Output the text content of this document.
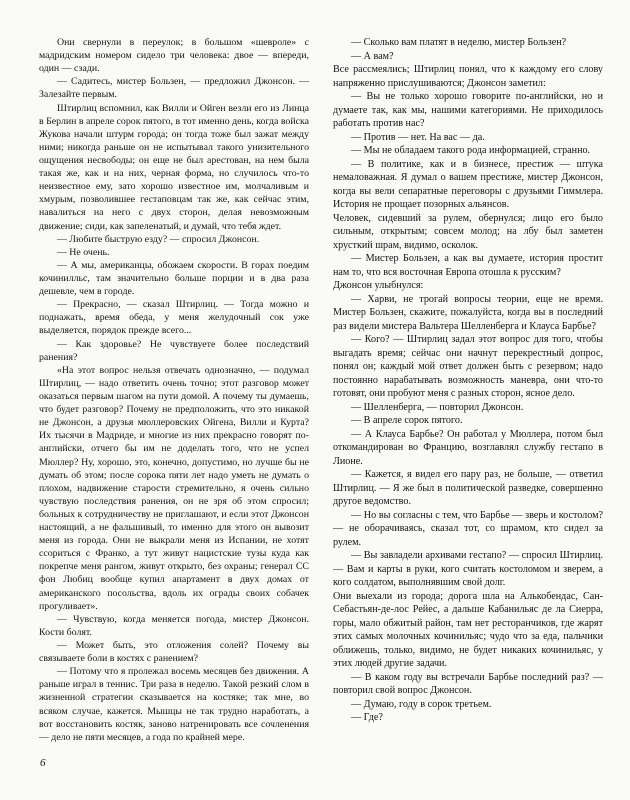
Они свернули в переулок; в большом «шевроле» с мадридским номером сидело три человека: двое — впереди, один — сзади.

— Садитесь, мистер Бользен, — предложил Джонсон. — Залезайте первым.

Штирлиц вспомнил, как Вилли и Ойген везли его из Линца в Берлин в апреле сорок пятого, в тот именно день, когда войска Жукова начали штурм города; он тогда тоже был зажат между ними; никогда раньше он не испытывал такого унизительного ощущения несвободы; он еще не был арестован, на нем была такая же, как и на них, черная форма, но случилось что-то неизвестное ему, зато хорошо известное им, молчаливым и хмурым, позволившее гестаповцам так же, как сейчас этим, навалиться на него с двух сторон, делая невозможным движение; сиди, как запеленатый, и думай, что тебя ждет.

— Любите быструю езду? — спросил Джонсон.

— Не очень.

— А мы, американцы, обожаем скорости. В горах поедим кочинилльс, там значительно больше порции и в два раза дешевле, чем в городе.

— Прекрасно, — сказал Штирлиц. — Тогда можно и поднажать, время обеда, у меня желудочный сок уже выделяется, порядок прежде всего...

— Как здоровье? Не чувствуете более последствий ранения?

«На этот вопрос нельзя отвечать однозначно, — подумал Штирлиц, — надо ответить очень точно; этот разговор может оказаться первым шагом на пути домой. А почему ты думаешь, что будет разговор? Почему не предположить, что это никакой не Джонсон, а друзья мюллеровских Ойгена, Вилли и Курта? Их тысячи в Мадриде, и многие из них прекрасно говорят по-английски, отчего бы им не доделать того, что не успел Мюллер? Ну, хорошо, это, конечно, допустимо, но лучше бы не думать об этом; после сорока пяти лет надо уметь не думать о плохом, надвижение старости стремительно, я очень сильно чувствую последствия ранения, он не зря об этом спросил; больных к сотрудничеству не приглашают, и если этот Джонсон настоящий, а не фальшивый, то именно для этого он вывозит меня из города. Они не выкрали меня из Испании, не хотят ссориться с Франко, а тут живут нацистские тузы куда как покрепче меня рангом, живут открыто, без охраны; генерал СС фон Любиц вообще купил апартамент в двух домах от американского посольства, вдоль их ограды своих собачек прогуливает».

— Чувствую, когда меняется погода, мистер Джонсон. Кости болят.

— Может быть, это отложения солей? Почему вы связываете боли в костях с ранением?

— Потому что я пролежал восемь месяцев без движения. А раньше играл в теннис. Три раза в неделю. Такой резкий слом в жизненной стратегии сказывается на костяке; так мне, во всяком случае, кажется. Мышцы не так трудно наработать, а вот восстановить костяк, заново натренировать все сочленения — дело не пяти месяцев, а года по крайней мере.

— Сколько вам платят в неделю, мистер Бользен?

— А вам?

Все рассмеялись; Штирлиц понял, что к каждому его слову напряженно прислушиваются; Джонсон заметил:

— Вы не только хорошо говорите по-английски, но и думаете так, как мы, нашими категориями. Не приходилось работать против нас?

— Против — нет. На вас — да.

— Мы не обладаем такого рода информацией, странно.

— В политике, как и в бизнесе, престиж — штука немаловажная. Я думал о вашем престиже, мистер Джонсон, когда вы вели сепаратные переговоры с друзьями Гиммлера. История не прощает позорных альянсов.

Человек, сидевший за рулем, обернулся; лицо его было сильным, открытым; совсем молод; на лбу был заметен хрусткий шрам, видимо, осколок.

— Мистер Бользен, а как вы думаете, история простит нам то, что вся восточная Европа отошла к русским?

Джонсон улыбнулся:

— Харви, не трогай вопросы теории, еще не время. Мистер Бользен, скажите, пожалуйста, когда вы в последний раз видели мистера Вальтера Шелленберга и Клауса Барбье?

— Кого? — Штирлиц задал этот вопрос для того, чтобы выгадать время; сейчас они начнут перекрестный допрос, понял он; каждый мой ответ должен быть с резервом; надо постоянно нарабатывать возможность маневра, они что-то готовят, они пробуют меня с разных сторон, ясное дело.

— Шелленберга, — повторил Джонсон.

— В апреле сорок пятого.

— А Клауса Барбье? Он работал у Мюллера, потом был откомандирован во Францию, возглавлял службу гестапо в Лионе.

— Кажется, я видел его пару раз, не больше, — ответил Штирлиц. — Я же был в политической разведке, совершенно другое ведомство.

— Но вы согласны с тем, что Барбье — зверь и костолом? — не оборачиваясь, сказал тот, со шрамом, кто сидел за рулем.

— Вы завладели архивами гестапо? — спросил Штирлиц. — Вам и карты в руки, кого считать костоломом и зверем, а кого солдатом, выполнявшим свой долг.

Они выехали из города; дорога шла на Алькобендас, Сан-Себастьян-де-лос Рейес, а дальше Кабанильяс де ла Сиерра, горы, мало обжитый район, там нет ресторанчиков, где жарят этих самых молочных кочинильяс; чудо что за еда, пальчики оближешь, только, видимо, не будет никаких кочинильяс, у этих людей другие задачи.

— В каком году вы встречали Барбье последний раз? — повторил свой вопрос Джонсон.

— Думаю, году в сорок третьем.

— Где?

6
